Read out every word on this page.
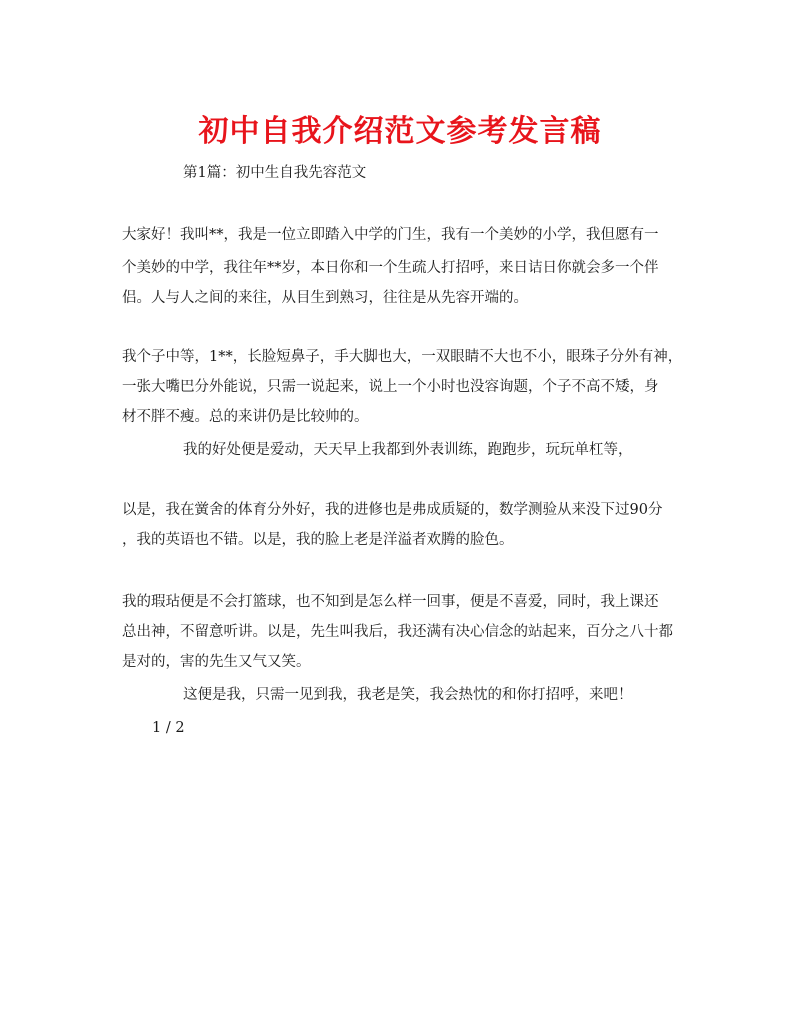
初中自我介绍范文参考发言稿
第1篇：初中生自我先容范文
大家好！我叫**，我是一位立即踏入中学的门生，我有一个美妙的小学，我但愿有一
个美妙的中学，我往年**岁，本日你和一个生疏人打招呼，来日诘日你就会多一个伴
侣。人与人之间的来往，从目生到熟习，往往是从先容开端的。
我个子中等，1**，长脸短鼻子，手大脚也大，一双眼睛不大也不小，眼珠子分外有神，
一张大嘴巴分外能说，只需一说起来，说上一个小时也没容询题，个子不高不矮，身
材不胖不瘦。总的来讲仍是比较帅的。
我的好处便是爱动，天天早上我都到外表训练，跑跑步，玩玩单杠等，
以是，我在黉舍的体育分外好，我的进修也是弗成质疑的，数学测验从来没下过90分
，我的英语也不错。以是，我的脸上老是洋溢者欢腾的脸色。
我的瑕玷便是不会打篮球，也不知到是怎么样一回事，便是不喜爱，同时，我上课还
总出神，不留意听讲。以是，先生叫我后，我还满有决心信念的站起来，百分之八十都
是对的，害的先生又气又笑。
这便是我，只需一见到我，我老是笑，我会热忱的和你打招呼，来吧！
1 / 2
